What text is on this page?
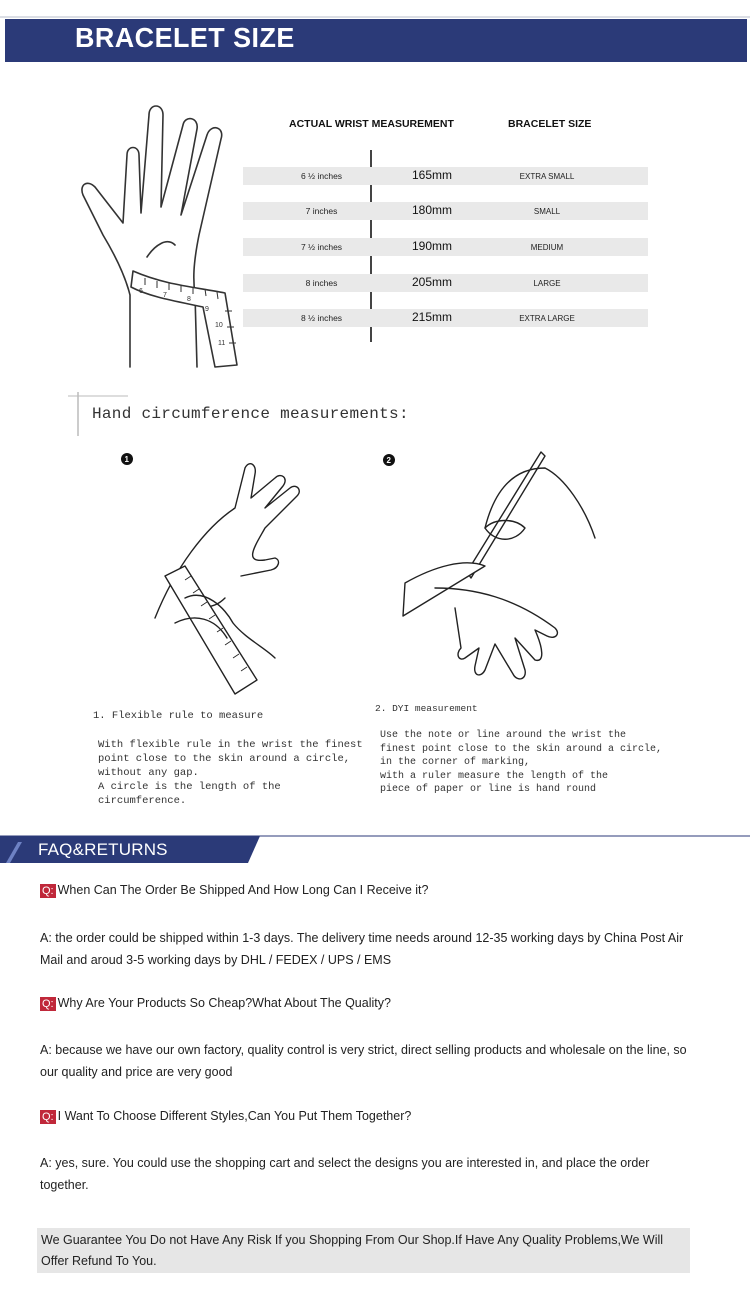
BRACELET SIZE
6
7
8
9
10
11
ACTUAL WRIST MEASUREMENT	BRACELET SIZE
6 ½ inches	165mm	EXTRA SMALL
7 inches	180mm	SMALL
7 ½ inches	190mm	MEDIUM
8 inches	205mm	LARGE
8 ½ inches	215mm	EXTRA LARGE
Hand circumference measurements:
1	2
1. Flexible rule to measure
With flexible rule in the wrist the finest
point close to the skin around a circle,
without any gap.
A circle is the length of the circumference.
2. DYI measurement
Use the note or line around the wrist the
finest point close to the skin around a circle,
in the corner of marking,
with a ruler measure the length of the
piece of paper or line is hand round
FAQ&RETURNS
Q: When Can The Order Be Shipped And How Long Can I Receive it?
A: the order could be shipped within 1-3 days. The delivery time needs around 12-35 working days by China Post Air Mail and aroud 3-5 working days by DHL / FEDEX / UPS / EMS
Q: Why Are Your Products So Cheap?What About The Quality?
A: because we have our own factory, quality control is very strict, direct selling products and wholesale on the line, so our quality and price are very good
Q: I Want To Choose Different Styles,Can You Put Them Together?
A: yes, sure. You could use the shopping cart and select the designs you are interested in, and place the order together.
We Guarantee You Do not Have Any Risk If you Shopping From Our Shop.If Have Any Quality Problems,We Will Offer Refund To You.
